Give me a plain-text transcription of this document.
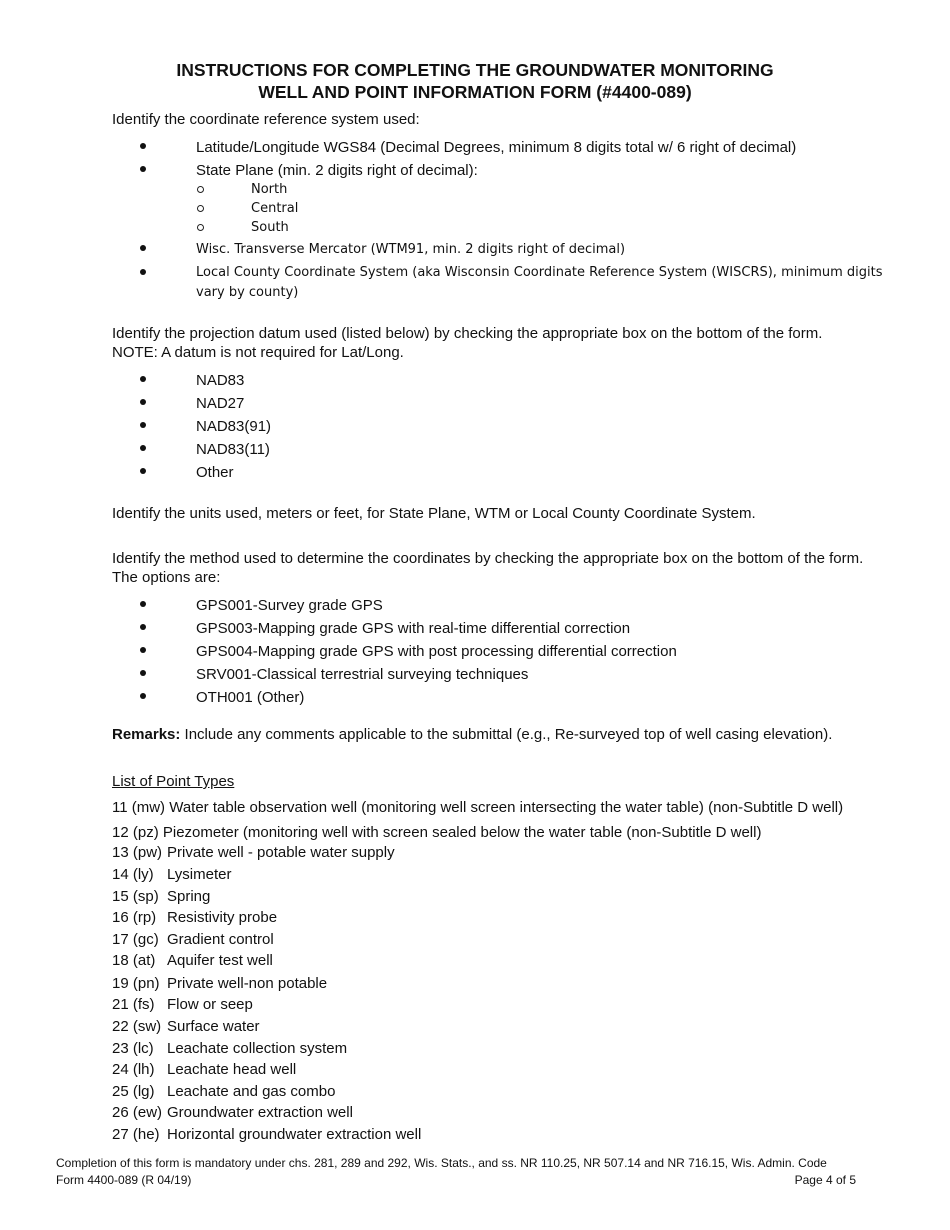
INSTRUCTIONS FOR COMPLETING THE GROUNDWATER MONITORING
WELL AND POINT INFORMATION FORM (#4400-089)
Identify the coordinate reference system used:
Latitude/Longitude WGS84 (Decimal Degrees, minimum 8 digits total w/ 6 right of decimal)
State Plane (min. 2 digits right of decimal):
North
Central
South
Wisc. Transverse Mercator (WTM91, min. 2 digits right of decimal)
Local County Coordinate System (aka Wisconsin Coordinate Reference System (WISCRS), minimum digits vary by county)
Identify the projection datum used (listed below) by checking the appropriate box on the bottom of the form.
NOTE: A datum is not required for Lat/Long.
NAD83
NAD27
NAD83(91)
NAD83(11)
Other
Identify the units used, meters or feet, for State Plane, WTM or Local County Coordinate System.
Identify the method used to determine the coordinates by checking the appropriate box on the bottom of the form.
The options are:
GPS001-Survey grade GPS
GPS003-Mapping grade GPS with real-time differential correction
GPS004-Mapping grade GPS with post processing differential correction
SRV001-Classical terrestrial surveying techniques
OTH001 (Other)
Remarks: Include any comments applicable to the submittal (e.g., Re-surveyed top of well casing elevation).
List of Point Types
11 (mw) Water table observation well (monitoring well screen intersecting the water table) (non-Subtitle D well)
12 (pz) Piezometer (monitoring well with screen sealed below the water table (non-Subtitle D well)
13 (pw) Private well - potable water supply
14 (ly) Lysimeter
15 (sp) Spring
16 (rp) Resistivity probe
17 (gc) Gradient control
18 (at) Aquifer test well
19 (pn) Private well-non potable
21 (fs) Flow or seep
22 (sw) Surface water
23 (lc) Leachate collection system
24 (lh) Leachate head well
25 (lg) Leachate and gas combo
26 (ew) Groundwater extraction well
27 (he) Horizontal groundwater extraction well
Completion of this form is mandatory under chs. 281, 289 and 292, Wis. Stats., and ss. NR 110.25, NR 507.14 and NR 716.15, Wis. Admin. Code
Form 4400-089 (R 04/19)	Page 4 of 5
